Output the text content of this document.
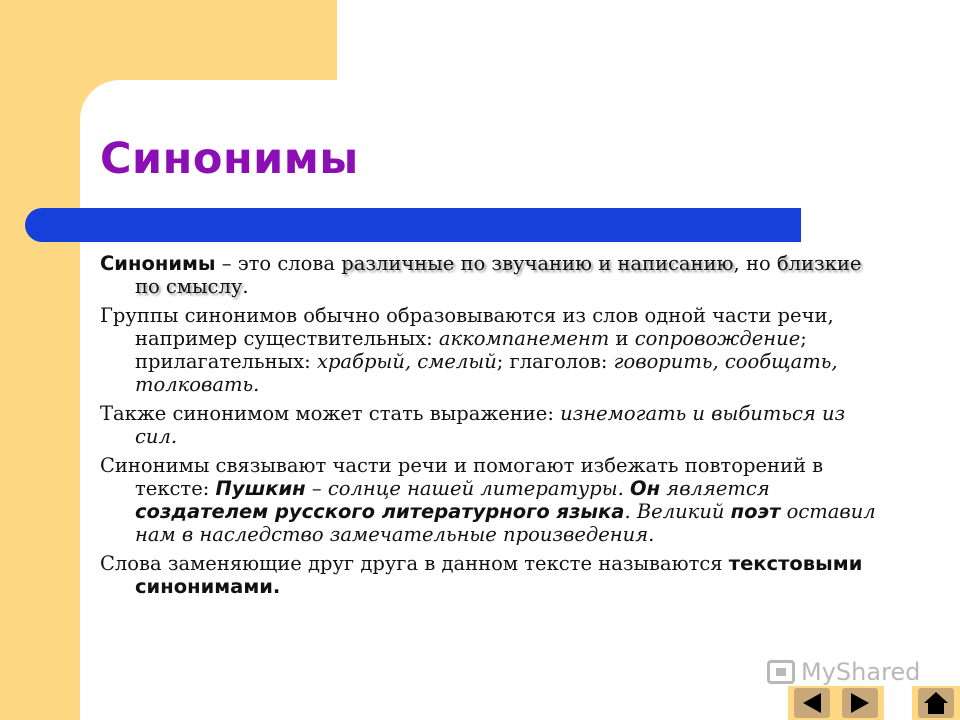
Синонимы
Синонимы – это слова различные по звучанию и написанию, но близкие по смыслу.
Группы синонимов обычно образовываются из слов одной части речи, например существительных: аккомпанемент и сопровождение; прилагательных: храбрый, смелый; глаголов: говорить, сообщать, толковать.
Также синонимом может стать выражение: изнемогать и выбиться из сил.
Синонимы связывают части речи и помогают избежать повторений в тексте: Пушкин – солнце нашей литературы. Он является создателем русского литературного языка. Великий поэт оставил нам в наследство замечательные произведения.
Слова заменяющие друг друга в данном тексте называются текстовыми синонимами.
MyShared
